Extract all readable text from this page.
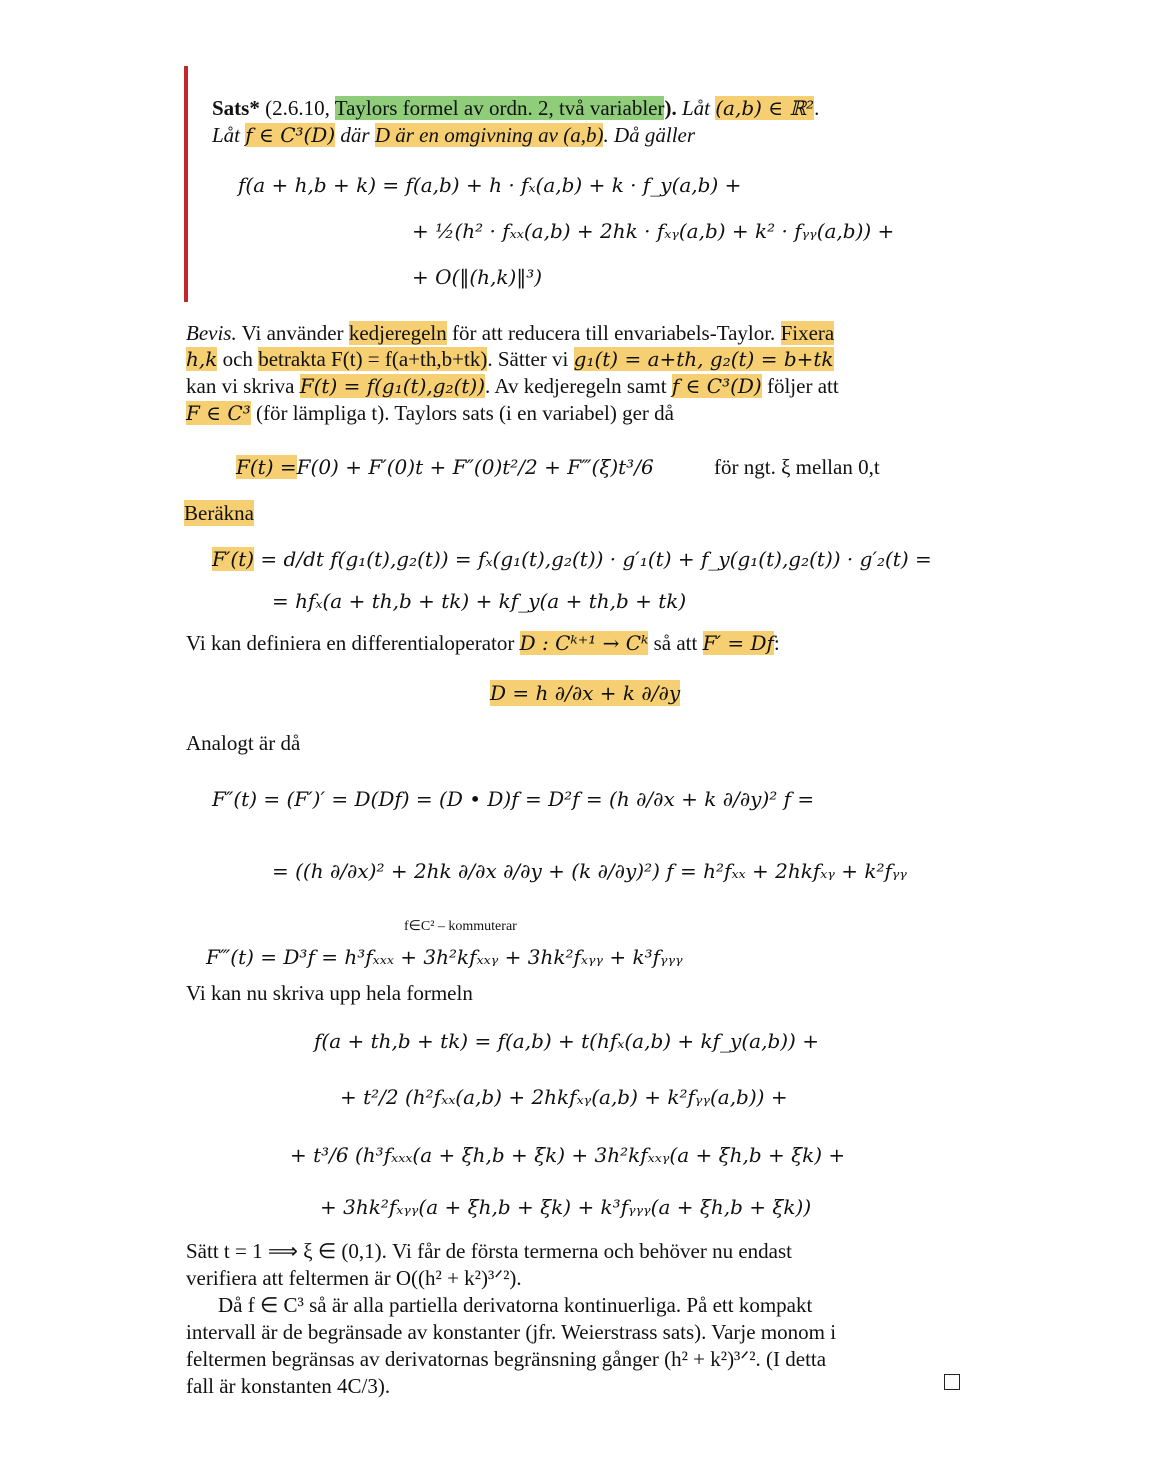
Sats* (2.6.10, Taylors formel av ordn. 2, två variabler). Låt (a,b) ∈ ℝ².
Låt f ∈ C³(D) där D är en omgivning av (a,b). Då gäller
f(a + h,b + k) = f(a,b) + h · fₓ(a,b) + k · f_y(a,b) +
+ ½(h² · fₓₓ(a,b) + 2hk · fₓᵧ(a,b) + k² · fᵧᵧ(a,b)) +
+ O(‖(h,k)‖³)
Bevis. Vi använder kedjeregeln för att reducera till envariabels-Taylor. Fixera
h,k och betrakta F(t) = f(a+th,b+tk). Sätter vi g₁(t) = a+th, g₂(t) = b+tk
kan vi skriva F(t) = f(g₁(t),g₂(t)). Av kedjeregeln samt f ∈ C³(D) följer att
F ∈ C³ (för lämpliga t). Taylors sats (i en variabel) ger då
F(t) =F(0) + F′(0)t + F″(0)t²/2 + F‴(ξ)t³/6	för ngt. ξ mellan 0,t
Beräkna
F′(t) = d/dt f(g₁(t),g₂(t)) = fₓ(g₁(t),g₂(t)) · g′₁(t) + f_y(g₁(t),g₂(t)) · g′₂(t) =
= hfₓ(a + th,b + tk) + kf_y(a + th,b + tk)
Vi kan definiera en differentialoperator D : Cᵏ⁺¹ → Cᵏ så att F′ = Df:
D = h ∂/∂x + k ∂/∂y
Analogt är då
F″(t) = (F′)′ = D(Df) = (D • D)f = D²f = (h ∂/∂x + k ∂/∂y)² f =
= ((h ∂/∂x)² + 2hk ∂/∂x ∂/∂y + (k ∂/∂y)²) f = h²fₓₓ + 2hkfₓᵧ + k²fᵧᵧ
f∈C² – kommuterar
F‴(t) = D³f = h³fₓₓₓ + 3h²kfₓₓᵧ + 3hk²fₓᵧᵧ + k³fᵧᵧᵧ
Vi kan nu skriva upp hela formeln
f(a + th,b + tk) = f(a,b) + t(hfₓ(a,b) + kf_y(a,b)) +
+ t²/2 (h²fₓₓ(a,b) + 2hkfₓᵧ(a,b) + k²fᵧᵧ(a,b)) +
+ t³/6 (h³fₓₓₓ(a + ξh,b + ξk) + 3h²kfₓₓᵧ(a + ξh,b + ξk) +
+ 3hk²fₓᵧᵧ(a + ξh,b + ξk) + k³fᵧᵧᵧ(a + ξh,b + ξk))
Sätt t = 1 ⟹ ξ ∈ (0,1). Vi får de första termerna och behöver nu endast
verifiera att feltermen är O((h² + k²)³ᐟ²).
Då f ∈ C³ så är alla partiella derivatorna kontinuerliga. På ett kompakt
intervall är de begränsade av konstanter (jfr. Weierstrass sats). Varje monom i
feltermen begränsas av derivatornas begränsning gånger (h² + k²)³ᐟ². (I detta
fall är konstanten 4C/3).
